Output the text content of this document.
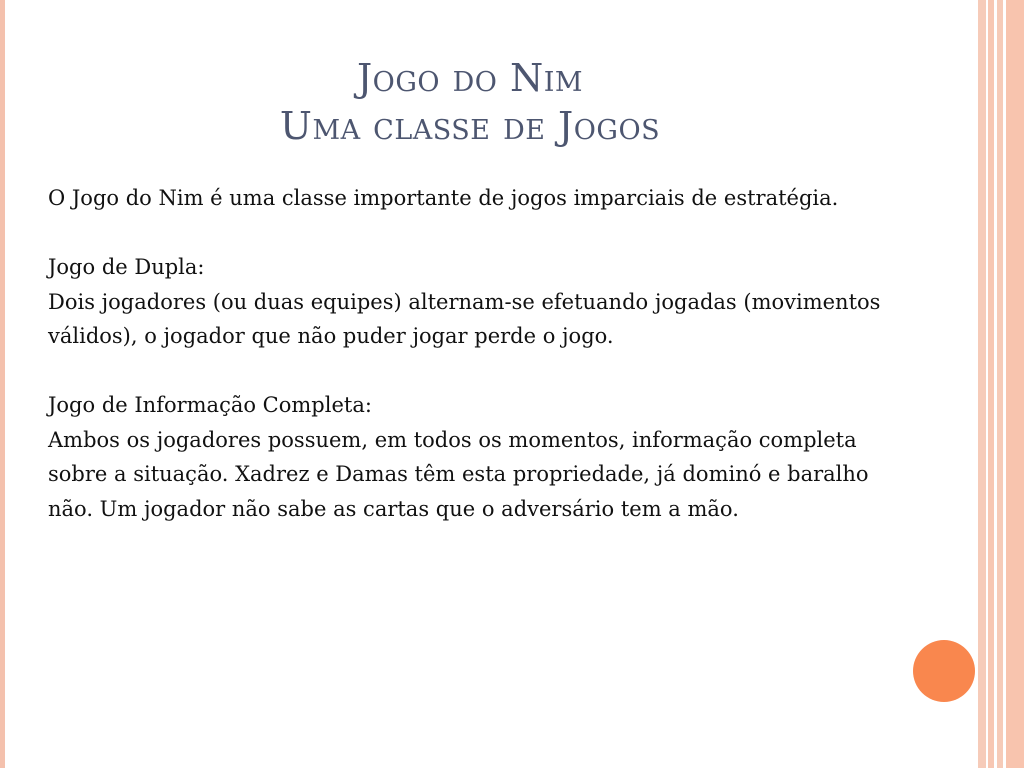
Jogo do Nim
Uma classe de Jogos

O Jogo do Nim é uma classe importante de jogos imparciais de estratégia.

Jogo de Dupla:

Dois jogadores (ou duas equipes) alternam-se efetuando jogadas (movimentos válidos), o jogador que não puder jogar perde o jogo.

Jogo de Informação Completa:

Ambos os jogadores possuem, em todos os momentos, informação completa sobre a situação. Xadrez e Damas têm esta propriedade, já dominó e baralho não. Um jogador não sabe as cartas que o adversário tem a mão.
